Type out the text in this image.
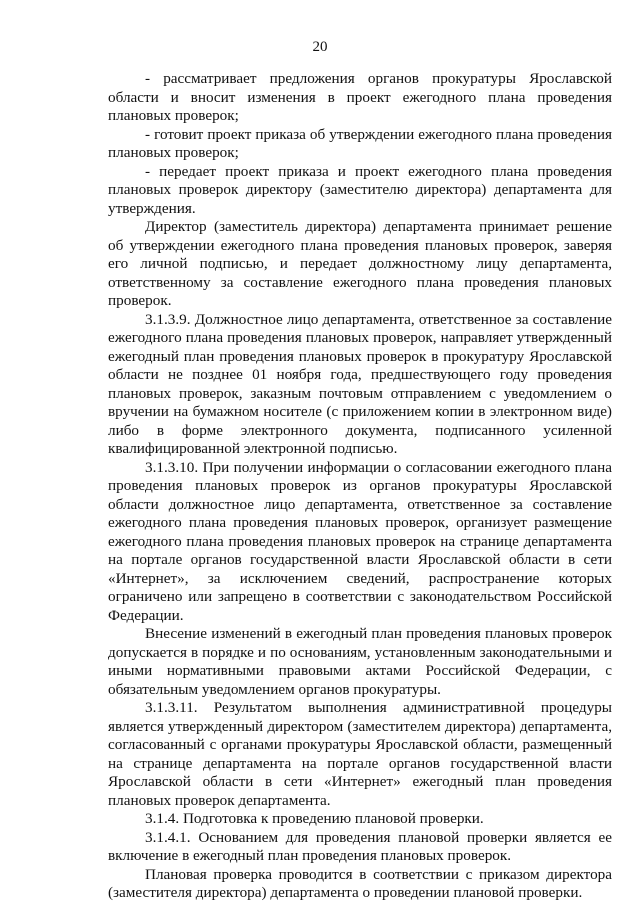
20

- рассматривает предложения органов прокуратуры Ярославской области и вносит изменения в проект ежегодного плана проведения плановых проверок;

- готовит проект приказа об утверждении ежегодного плана проведения плановых проверок;

- передает проект приказа и проект ежегодного плана проведения плановых проверок директору (заместителю директора) департамента для утверждения.

Директор (заместитель директора) департамента принимает решение об утверждении ежегодного плана проведения плановых проверок, заверяя его личной подписью, и передает должностному лицу департамента, ответственному за составление ежегодного плана проведения плановых проверок.

3.1.3.9. Должностное лицо департамента, ответственное за составление ежегодного плана проведения плановых проверок, направляет утвержденный ежегодный план проведения плановых проверок в прокуратуру Ярославской области не позднее 01 ноября года, предшествующего году проведения плановых проверок, заказным почтовым отправлением с уведомлением о вручении на бумажном носителе (с приложением копии в электронном виде) либо в форме электронного документа, подписанного усиленной квалифицированной электронной подписью.

3.1.3.10. При получении информации о согласовании ежегодного плана проведения плановых проверок из органов прокуратуры Ярославской области должностное лицо департамента, ответственное за составление ежегодного плана проведения плановых проверок, организует размещение ежегодного плана проведения плановых проверок на странице департамента на портале органов государственной власти Ярославской области в сети «Интернет», за исключением сведений, распространение которых ограничено или запрещено в соответствии с законодательством Российской Федерации.

Внесение изменений в ежегодный план проведения плановых проверок допускается в порядке и по основаниям, установленным законодательными и иными нормативными правовыми актами Российской Федерации, с обязательным уведомлением органов прокуратуры.

3.1.3.11. Результатом выполнения административной процедуры является утвержденный директором (заместителем директора) департамента, согласованный с органами прокуратуры Ярославской области, размещенный на странице департамента на портале органов государственной власти Ярославской области в сети «Интернет» ежегодный план проведения плановых проверок департамента.

3.1.4. Подготовка к проведению плановой проверки.

3.1.4.1. Основанием для проведения плановой проверки является ее включение в ежегодный план проведения плановых проверок.

Плановая проверка проводится в соответствии с приказом директора (заместителя директора) департамента о проведении плановой проверки.
